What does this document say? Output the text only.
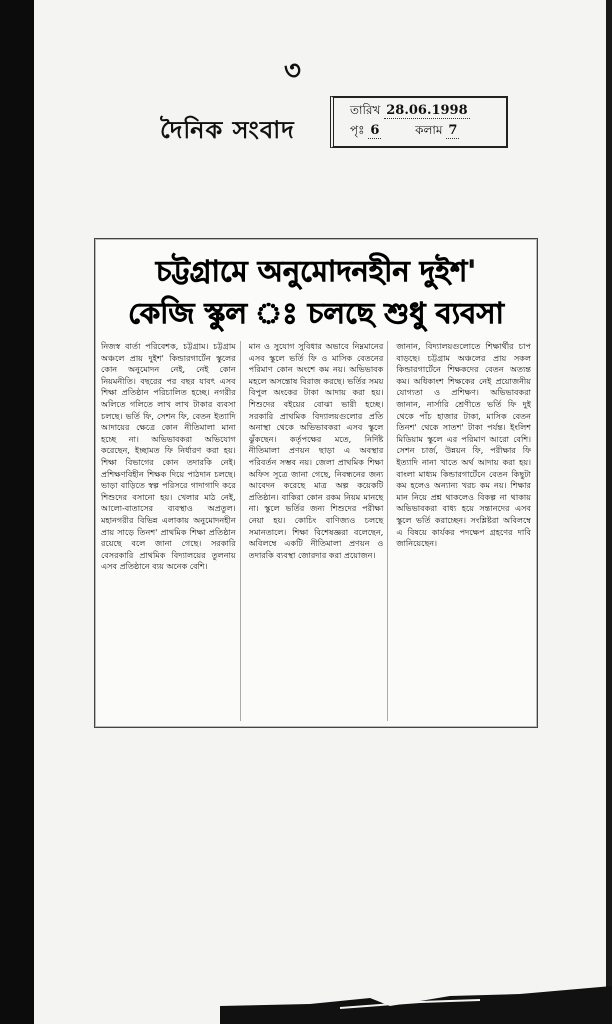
৩
দৈনিক সংবাদ
তারিখ 28.06.1998
পৃঃ 6	কলাম 7
চট্টগ্রামে অনুমোদনহীন দুইশ'
কেজি স্কুল ঃ চলছে শুধু ব্যবসা
নিজস্ব বার্তা পরিবেশক, চট্টগ্রাম। চট্টগ্রাম অঞ্চলে প্রায় দুইশ' কিন্ডারগার্টেন স্কুলের কোন অনুমোদন নেই, নেই কোন নিয়মনীতি। বছরের পর বছর যাবৎ এসব শিক্ষা প্রতিষ্ঠান পরিচালিত হচ্ছে। নগরীর অলিতে গলিতে লাখ লাখ টাকার ব্যবসা চলছে। ভর্তি ফি, সেশন ফি, বেতন ইত্যাদি আদায়ের ক্ষেত্রে কোন নীতিমালা মানা হচ্ছে না। অভিভাবকরা অভিযোগ করেছেন, ইচ্ছামত ফি নির্ধারণ করা হয়। শিক্ষা বিভাগের কোন তদারকি নেই। প্রশিক্ষণবিহীন শিক্ষক দিয়ে পাঠদান চলছে। ভাড়া বাড়িতে স্বল্প পরিসরে গাদাগাদি করে শিশুদের বসানো হয়। খেলার মাঠ নেই, আলো-বাতাসের ব্যবস্থাও অপ্রতুল। মহানগরীর বিভিন্ন এলাকায় অনুমোদনহীন প্রায় সাড়ে তিনশ' প্রাথমিক শিক্ষা প্রতিষ্ঠান রয়েছে বলে জানা গেছে। সরকারি বেসরকারি প্রাথমিক বিদ্যালয়ের তুলনায় এসব প্রতিষ্ঠানে ব্যয় অনেক বেশি।
মান ও সুযোগ সুবিধার অভাবে নিম্নমানের এসব স্কুলে ভর্তি ফি ও মাসিক বেতনের পরিমাণ কোন অংশে কম নয়। অভিভাবক মহলে অসন্তোষ বিরাজ করছে। ভর্তির সময় বিপুল অংকের টাকা আদায় করা হয়। শিশুদের বইয়ের বোঝা ভারী হচ্ছে। সরকারি প্রাথমিক বিদ্যালয়গুলোর প্রতি অনাস্থা থেকে অভিভাবকরা এসব স্কুলে ঝুঁকছেন। কর্তৃপক্ষের মতে, নির্দিষ্ট নীতিমালা প্রণয়ন ছাড়া এ অবস্থার পরিবর্তন সম্ভব নয়। জেলা প্রাথমিক শিক্ষা অফিস সূত্রে জানা গেছে, নিবন্ধনের জন্য আবেদন করেছে মাত্র অল্প কয়েকটি প্রতিষ্ঠান। বাকিরা কোন রকম নিয়ম মানছে না। স্কুলে ভর্তির জন্য শিশুদের পরীক্ষা নেয়া হয়। কোচিং বাণিজ্যও চলছে সমানতালে। শিক্ষা বিশেষজ্ঞরা বলেছেন, অবিলম্বে একটি নীতিমালা প্রণয়ন ও তদারকি ব্যবস্থা জোরদার করা প্রয়োজন।
জানান, বিদ্যালয়গুলোতে শিক্ষার্থীর চাপ বাড়ছে। চট্টগ্রাম অঞ্চলের প্রায় সকল কিন্ডারগার্টেনে শিক্ষকদের বেতন অত্যন্ত কম। অধিকাংশ শিক্ষকের নেই প্রয়োজনীয় যোগ্যতা ও প্রশিক্ষণ। অভিভাবকরা জানান, নার্সারি শ্রেণীতে ভর্তি ফি দুই থেকে পাঁচ হাজার টাকা, মাসিক বেতন তিনশ' থেকে সাতশ' টাকা পর্যন্ত। ইংলিশ মিডিয়াম স্কুলে এর পরিমাণ আরো বেশি। সেশন চার্জ, উন্নয়ন ফি, পরীক্ষার ফি ইত্যাদি নানা খাতে অর্থ আদায় করা হয়। বাংলা মাধ্যম কিন্ডারগার্টেনে বেতন কিছুটা কম হলেও অন্যান্য খরচ কম নয়। শিক্ষার মান নিয়ে প্রশ্ন থাকলেও বিকল্প না থাকায় অভিভাবকরা বাধ্য হয়ে সন্তানদের এসব স্কুলে ভর্তি করাচ্ছেন। সংশ্লিষ্টরা অবিলম্বে এ বিষয়ে কার্যকর পদক্ষেপ গ্রহণের দাবি জানিয়েছেন।
